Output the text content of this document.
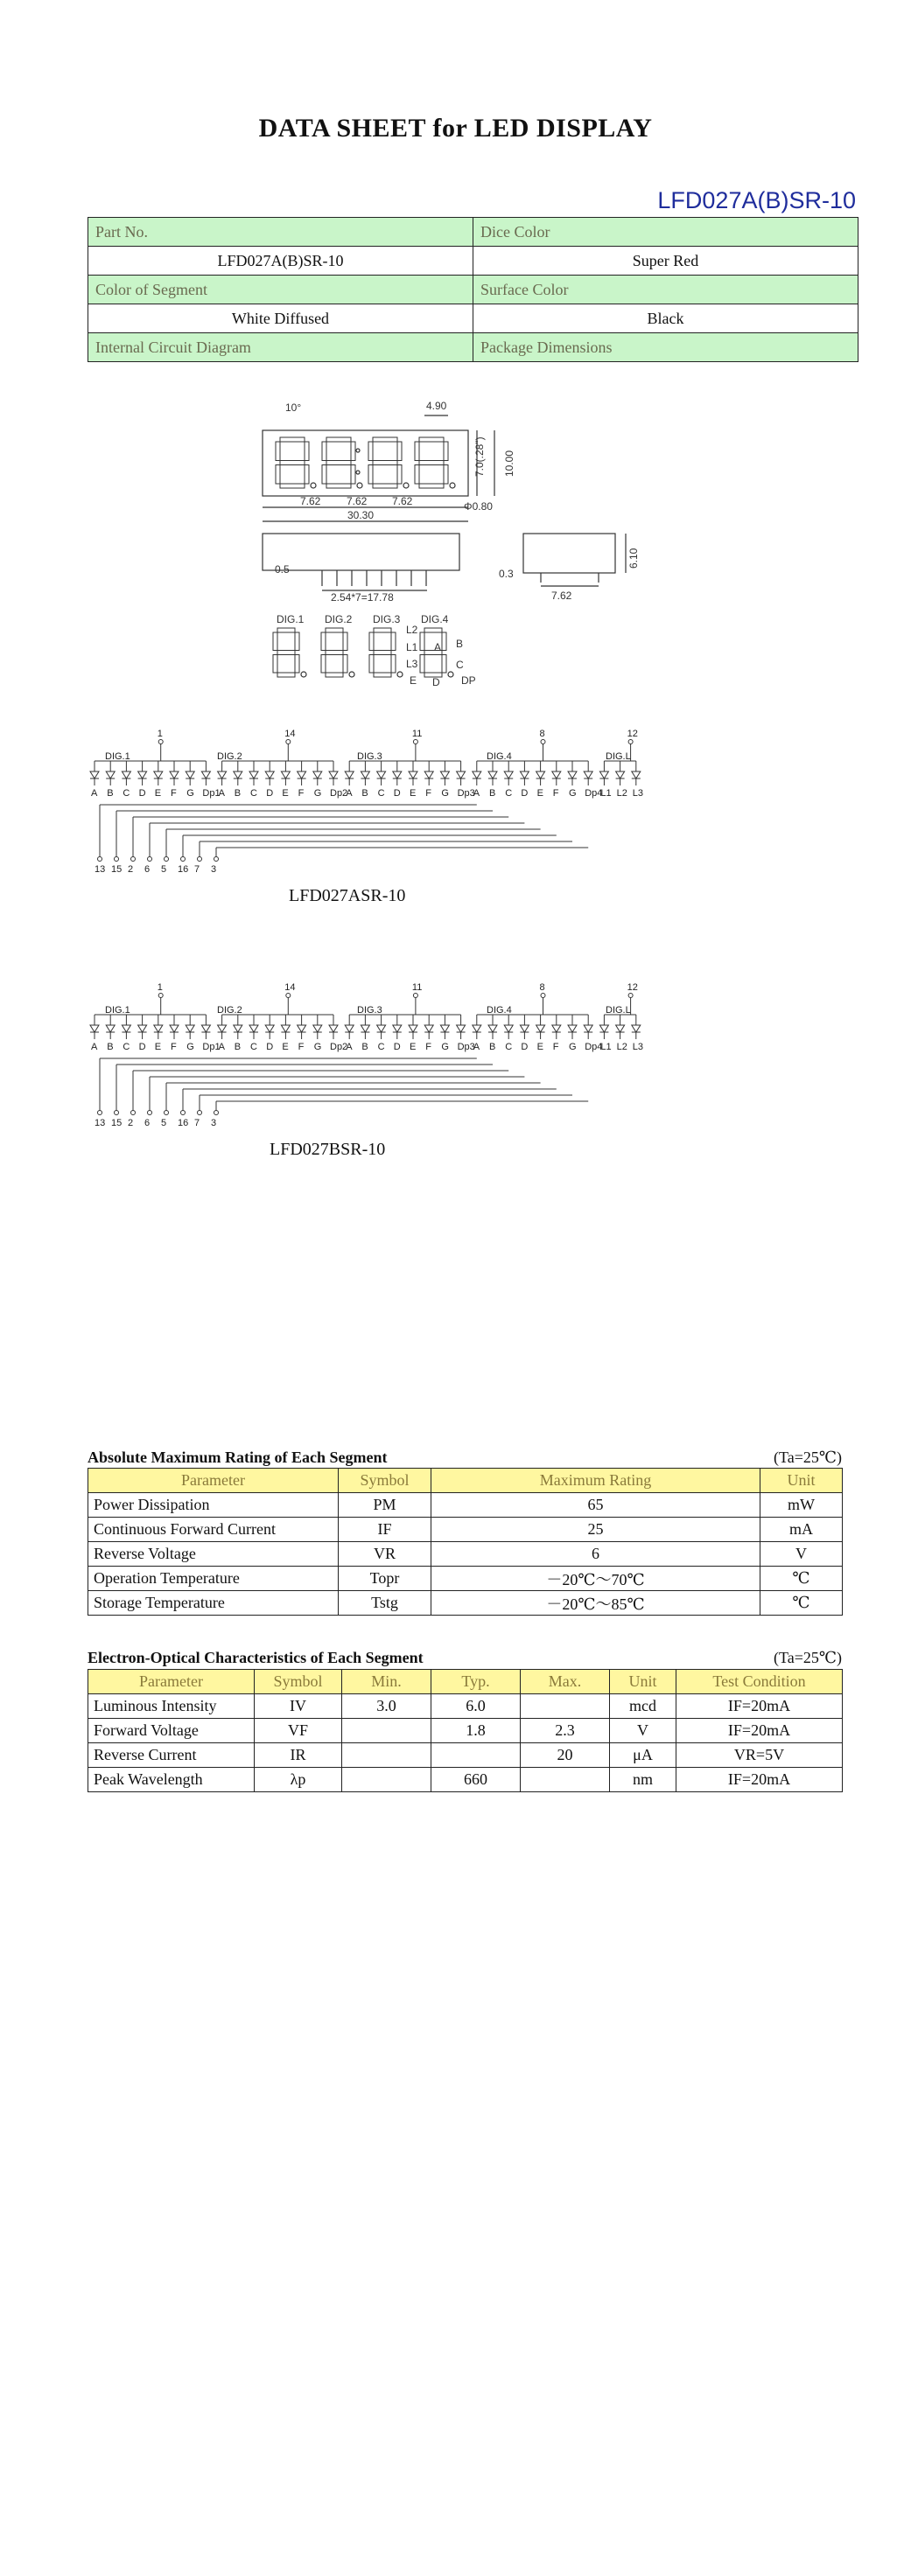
DATA SHEET for LED DISPLAY
LFD027A(B)SR-10
Part No.	Dice Color
LFD027A(B)SR-10	Super Red
Color of Segment	Surface Color
White Diffused	Black
Internal Circuit Diagram	Package Dimensions
10°	4.90
7.0(.28") 10.00
7.62 7.62 7.62
30.30
Φ0.80
0.5
2.54*7=17.78
0.3
7.62
6.10
DIG.1 DIG.2 DIG.3 DIG.4
L1
L3
L2
A B
C
D
E	DP
1
DIG.1
14
DIG.2
11
DIG.3
8
DIG.4
12
DIG.L
A B C D E F G Dp1
A B C D E F G Dp2
A B C D E F G Dp3
A B C D E F G Dp4
L1 L2 L3
13 15 2 6 5 16 7 3
1
DIG.1
14
DIG.2
11
DIG.3
8
DIG.4
12
DIG.L
A B C D E F G Dp1
A B C D E F G Dp2
A B C D E F G Dp3
A B C D E F G Dp4
L1 L2 L3
13 15 2 6 5 16 7 3
LFD027ASR-10
LFD027BSR-10
Absolute Maximum Rating of Each Segment	(Ta=25℃)
Parameter	Symbol	Maximum Rating	Unit
Power Dissipation	PM	65	mW
Continuous Forward Current	IF	25	mA
Reverse Voltage	VR	6	V
Operation Temperature	Topr	－20℃～70℃	℃
Storage Temperature	Tstg	－20℃～85℃	℃
Electron-Optical Characteristics of Each Segment	(Ta=25℃)
Parameter	Symbol	Min.	Typ.	Max.	Unit	Test Condition
Luminous Intensity	IV	3.0	6.0		mcd	IF=20mA
Forward Voltage	VF		1.8	2.3	V	IF=20mA
Reverse Current	IR			20	μA	VR=5V
Peak Wavelength	λp		660		nm	IF=20mA
